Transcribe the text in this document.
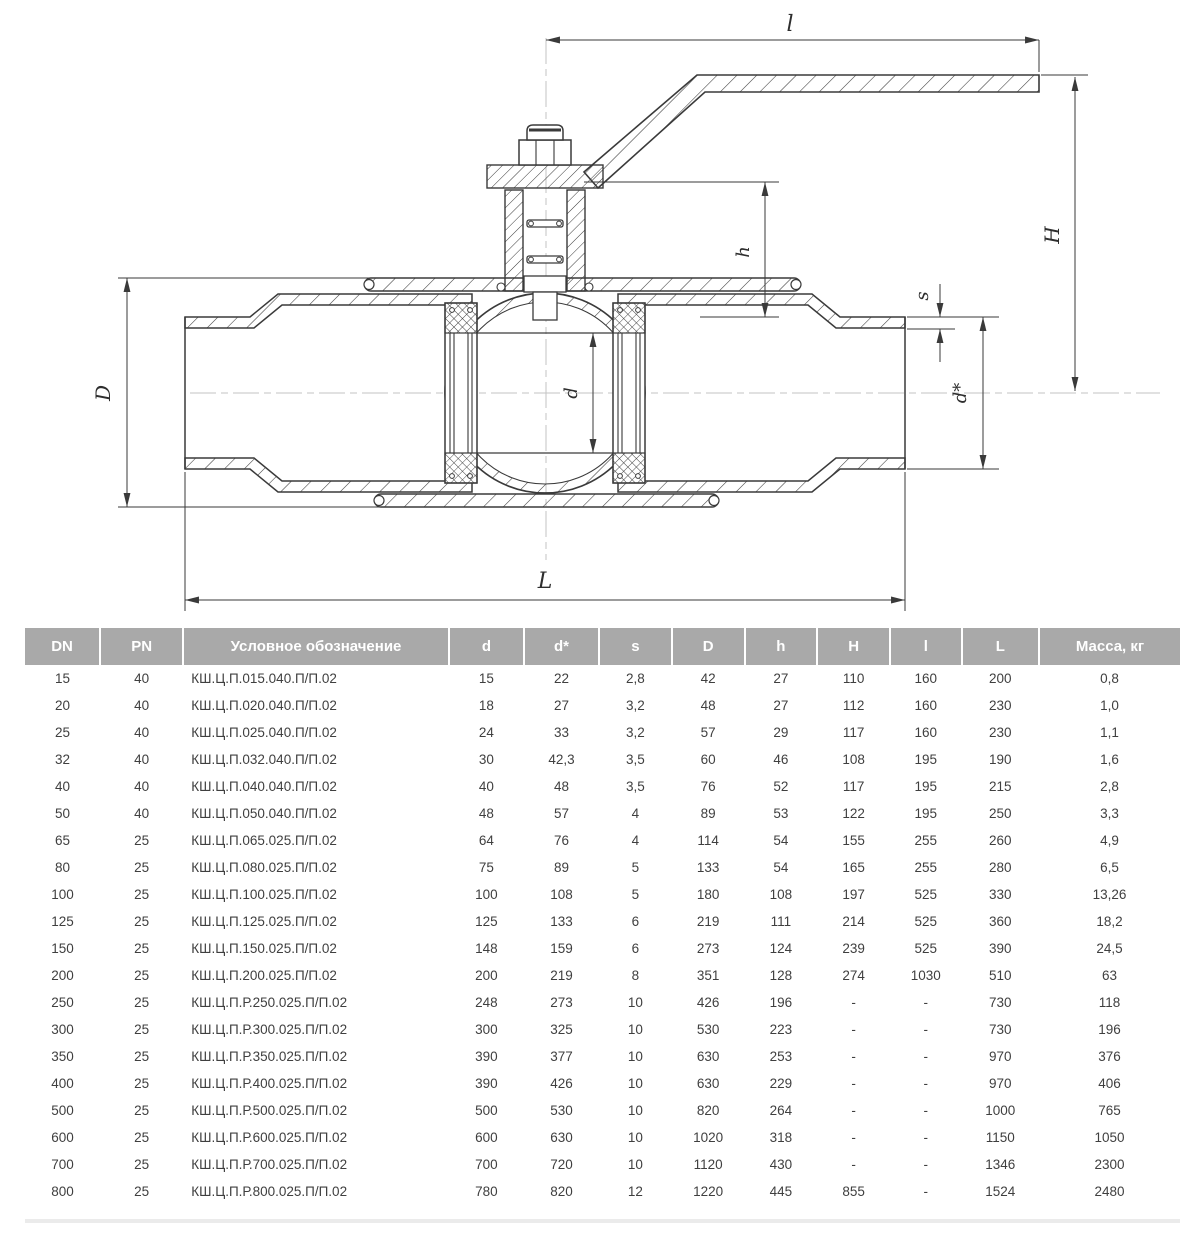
l
H
h
s
d*
D	d
L
DN	PN	Условное обозначение	d	d*	s	D	h	H	l	L	Масса, кг
15	40	КШ.Ц.П.015.040.П/П.02	15	22	2,8	42	27	110	160	200	0,8
20	40	КШ.Ц.П.020.040.П/П.02	18	27	3,2	48	27	112	160	230	1,0
25	40	КШ.Ц.П.025.040.П/П.02	24	33	3,2	57	29	117	160	230	1,1
32	40	КШ.Ц.П.032.040.П/П.02	30	42,3	3,5	60	46	108	195	190	1,6
40	40	КШ.Ц.П.040.040.П/П.02	40	48	3,5	76	52	117	195	215	2,8
50	40	КШ.Ц.П.050.040.П/П.02	48	57	4	89	53	122	195	250	3,3
65	25	КШ.Ц.П.065.025.П/П.02	64	76	4	114	54	155	255	260	4,9
80	25	КШ.Ц.П.080.025.П/П.02	75	89	5	133	54	165	255	280	6,5
100	25	КШ.Ц.П.100.025.П/П.02	100	108	5	180	108	197	525	330	13,26
125	25	КШ.Ц.П.125.025.П/П.02	125	133	6	219	111	214	525	360	18,2
150	25	КШ.Ц.П.150.025.П/П.02	148	159	6	273	124	239	525	390	24,5
200	25	КШ.Ц.П.200.025.П/П.02	200	219	8	351	128	274	1030	510	63
250	25	КШ.Ц.П.Р.250.025.П/П.02	248	273	10	426	196	-	-	730	118
300	25	КШ.Ц.П.Р.300.025.П/П.02	300	325	10	530	223	-	-	730	196
350	25	КШ.Ц.П.Р.350.025.П/П.02	390	377	10	630	253	-	-	970	376
400	25	КШ.Ц.П.Р.400.025.П/П.02	390	426	10	630	229	-	-	970	406
500	25	КШ.Ц.П.Р.500.025.П/П.02	500	530	10	820	264	-	-	1000	765
600	25	КШ.Ц.П.Р.600.025.П/П.02	600	630	10	1020	318	-	-	1150	1050
700	25	КШ.Ц.П.Р.700.025.П/П.02	700	720	10	1120	430	-	-	1346	2300
800	25	КШ.Ц.П.Р.800.025.П/П.02	780	820	12	1220	445	855	-	1524	2480
